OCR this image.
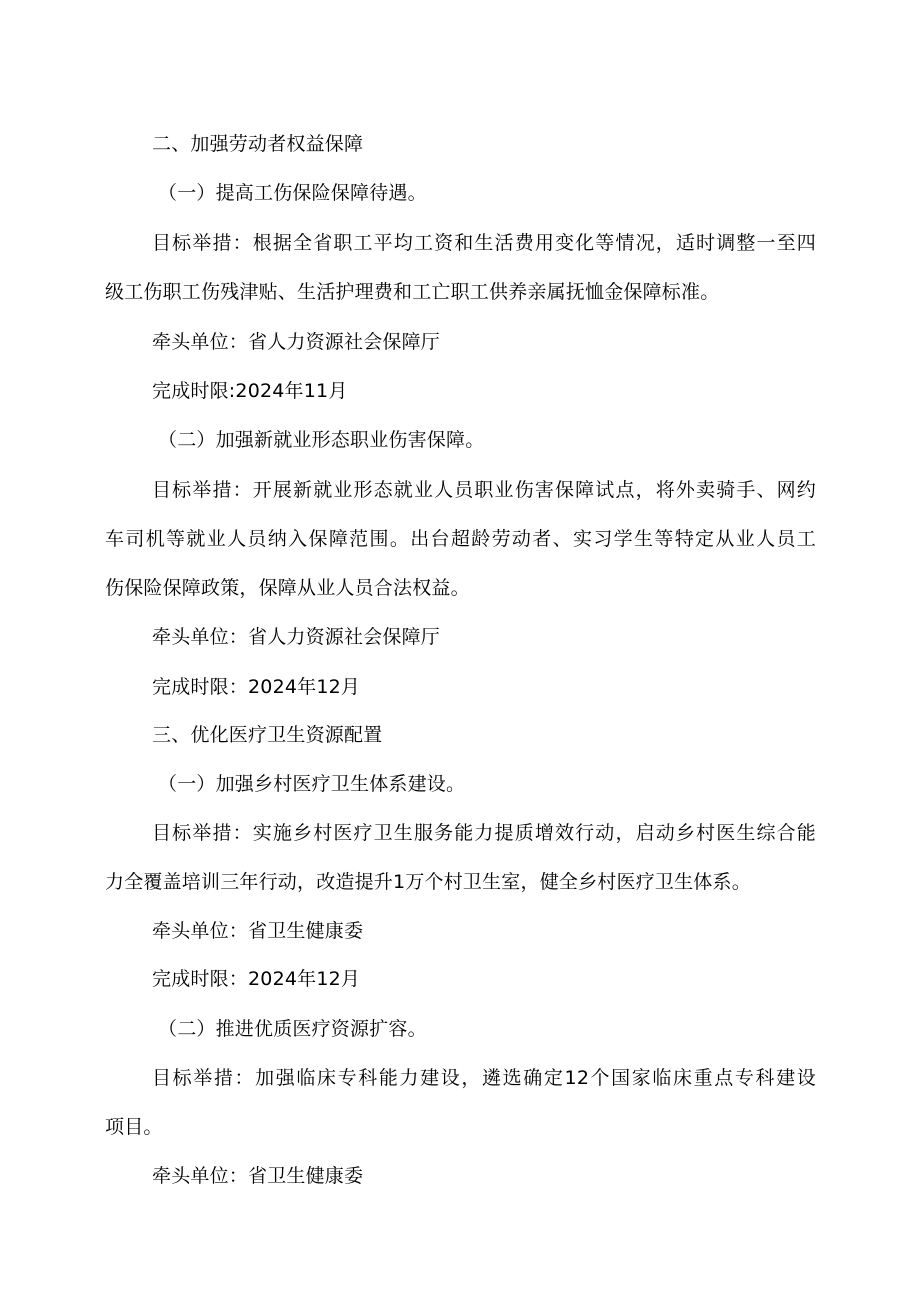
二、加强劳动者权益保障
（一）提高工伤保险保障待遇。
目标举措：根据全省职工平均工资和生活费用变化等情况，适时调整一至四
级工伤职工伤残津贴、生活护理费和工亡职工供养亲属抚恤金保障标准。
牵头单位：省人力资源社会保障厅
完成时限:2024年11月
（二）加强新就业形态职业伤害保障。
目标举措：开展新就业形态就业人员职业伤害保障试点，将外卖骑手、网约
车司机等就业人员纳入保障范围。出台超龄劳动者、实习学生等特定从业人员工
伤保险保障政策，保障从业人员合法权益。
牵头单位：省人力资源社会保障厅
完成时限：2024年12月
三、优化医疗卫生资源配置
（一）加强乡村医疗卫生体系建设。
目标举措：实施乡村医疗卫生服务能力提质增效行动，启动乡村医生综合能
力全覆盖培训三年行动，改造提升1万个村卫生室，健全乡村医疗卫生体系。
牵头单位：省卫生健康委
完成时限：2024年12月
（二）推进优质医疗资源扩容。
目标举措：加强临床专科能力建设，遴选确定12个国家临床重点专科建设
项目。
牵头单位：省卫生健康委
